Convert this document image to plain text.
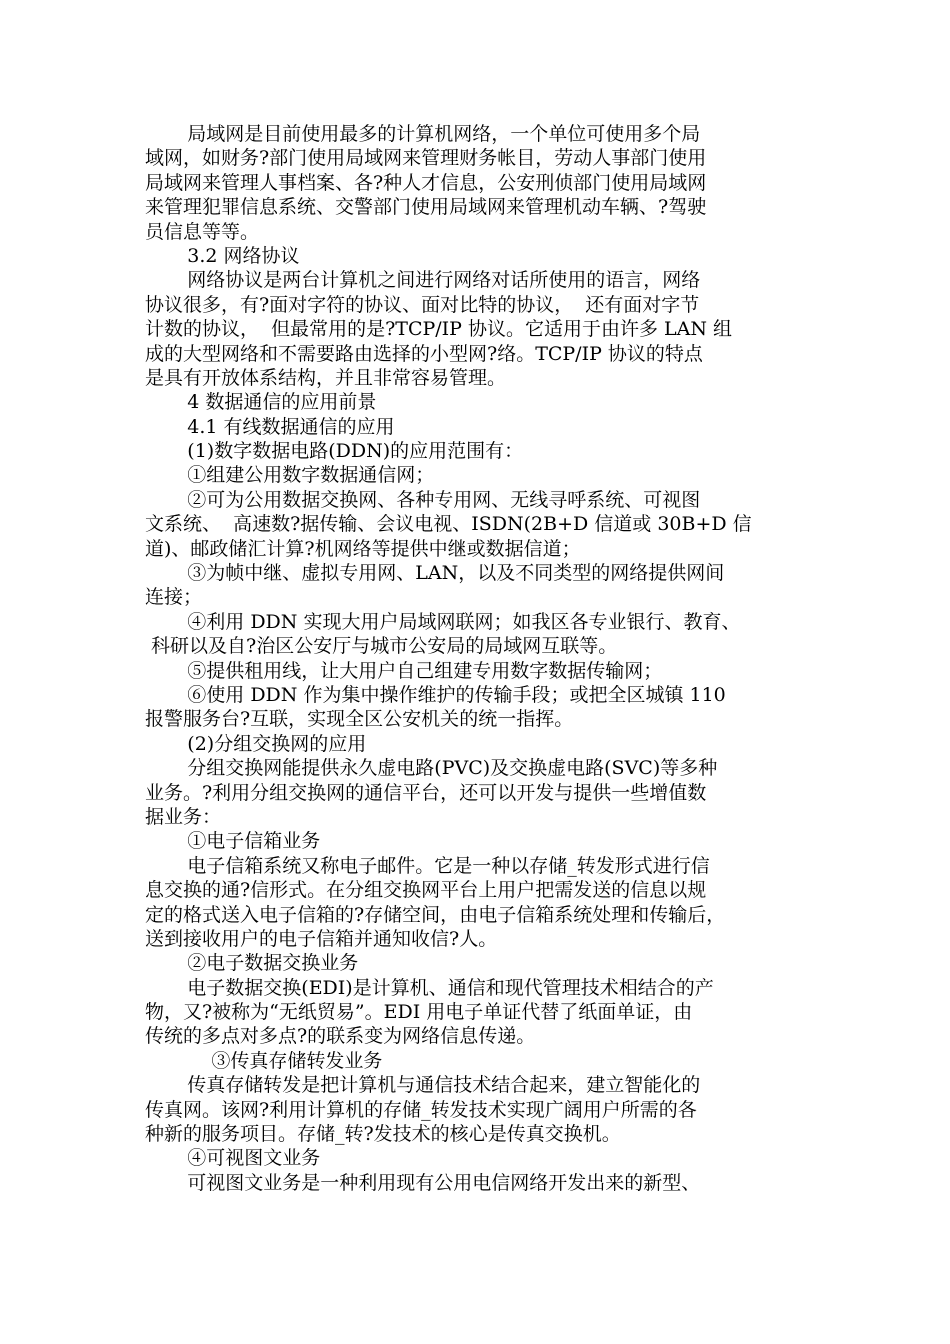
局域网是目前使用最多的计算机网络，一个单位可使用多个局
域网，如财务?部门使用局域网来管理财务帐目，劳动人事部门使用
局域网来管理人事档案、各?种人才信息，公安刑侦部门使用局域网
来管理犯罪信息系统、交警部门使用局域网来管理机动车辆、?驾驶
员信息等等。
3.2 网络协议
网络协议是两台计算机之间进行网络对话所使用的语言，网络
协议很多，有?面对字符的协议、面对比特的协议，  还有面对字节
计数的协议，  但最常用的是?TCP/IP 协议。它适用于由许多 LAN 组
成的大型网络和不需要路由选择的小型网?络。TCP/IP 协议的特点
是具有开放体系结构，并且非常容易管理。
4 数据通信的应用前景
4.1 有线数据通信的应用
(1)数字数据电路(DDN)的应用范围有：
①组建公用数字数据通信网；
②可为公用数据交换网、各种专用网、无线寻呼系统、可视图
文系统、  高速数?据传输、会议电视、ISDN(2B+D 信道或 30B+D 信
道)、邮政储汇计算?机网络等提供中继或数据信道；
③为帧中继、虚拟专用网、LAN，以及不同类型的网络提供网间
连接；
④利用 DDN 实现大用户局域网联网；如我区各专业银行、教育、
科研以及自?治区公安厅与城市公安局的局域网互联等。
⑤提供租用线，让大用户自己组建专用数字数据传输网；
⑥使用 DDN 作为集中操作维护的传输手段；或把全区城镇 110
报警服务台?互联，实现全区公安机关的统一指挥。
(2)分组交换网的应用
分组交换网能提供永久虚电路(PVC)及交换虚电路(SVC)等多种
业务。?利用分组交换网的通信平台，还可以开发与提供一些增值数
据业务：
①电子信箱业务
电子信箱系统又称电子邮件。它是一种以存储_转发形式进行信
息交换的通?信形式。在分组交换网平台上用户把需发送的信息以规
定的格式送入电子信箱的?存储空间，由电子信箱系统处理和传输后，
送到接收用户的电子信箱并通知收信?人。
②电子数据交换业务
电子数据交换(EDI)是计算机、通信和现代管理技术相结合的产
物，又?被称为“无纸贸易”。EDI 用电子单证代替了纸面单证，由
传统的多点对多点?的联系变为网络信息传递。
③传真存储转发业务
传真存储转发是把计算机与通信技术结合起来，建立智能化的
传真网。该网?利用计算机的存储_转发技术实现广阔用户所需的各
种新的服务项目。存储_转?发技术的核心是传真交换机。
④可视图文业务
可视图文业务是一种利用现有公用电信网络开发出来的新型、
